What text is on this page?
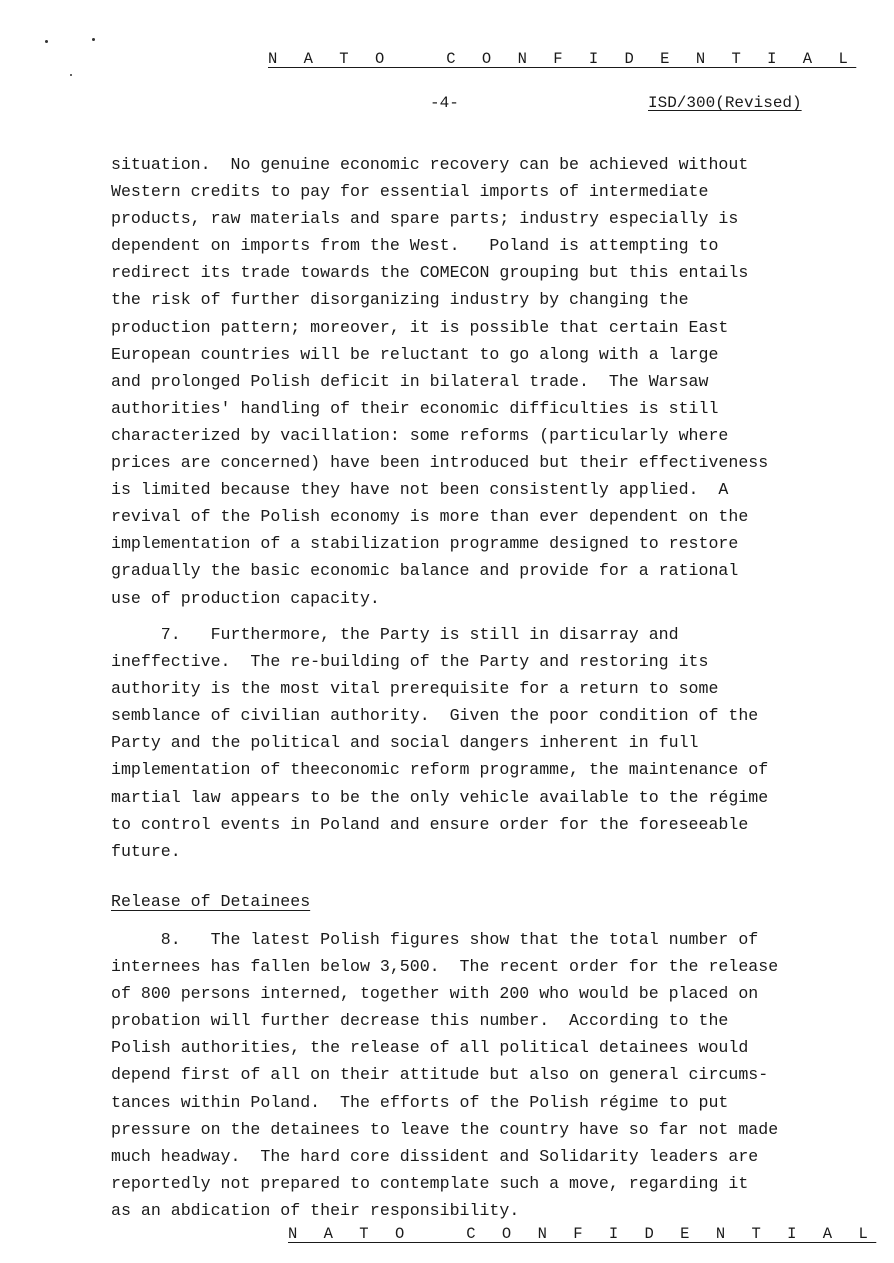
N A T O   C O N F I D E N T I A L
-4-	ISD/300(Revised)

situation.  No genuine economic recovery can be achieved without
Western credits to pay for essential imports of intermediate
products, raw materials and spare parts; industry especially is
dependent on imports from the West.   Poland is attempting to
redirect its trade towards the COMECON grouping but this entails
the risk of further disorganizing industry by changing the
production pattern; moreover, it is possible that certain East
European countries will be reluctant to go along with a large
and prolonged Polish deficit in bilateral trade.  The Warsaw
authorities' handling of their economic difficulties is still
characterized by vacillation: some reforms (particularly where
prices are concerned) have been introduced but their effectiveness
is limited because they have not been consistently applied.  A
revival of the Polish economy is more than ever dependent on the
implementation of a stabilization programme designed to restore
gradually the basic economic balance and provide for a rational
use of production capacity.

7.   Furthermore, the Party is still in disarray and
ineffective.  The re-building of the Party and restoring its
authority is the most vital prerequisite for a return to some
semblance of civilian authority.  Given the poor condition of the
Party and the political and social dangers inherent in full
implementation of theeconomic reform programme, the maintenance of
martial law appears to be the only vehicle available to the régime
to control events in Poland and ensure order for the foreseeable
future.

Release of Detainees

8.   The latest Polish figures show that the total number of
internees has fallen below 3,500.  The recent order for the release
of 800 persons interned, together with 200 who would be placed on
probation will further decrease this number.  According to the
Polish authorities, the release of all political detainees would
depend first of all on their attitude but also on general circums-
tances within Poland.  The efforts of the Polish régime to put
pressure on the detainees to leave the country have so far not made
much headway.  The hard core dissident and Solidarity leaders are
reportedly not prepared to contemplate such a move, regarding it
as an abdication of their responsibility.

N A T O   C O N F I D E N T I A L
